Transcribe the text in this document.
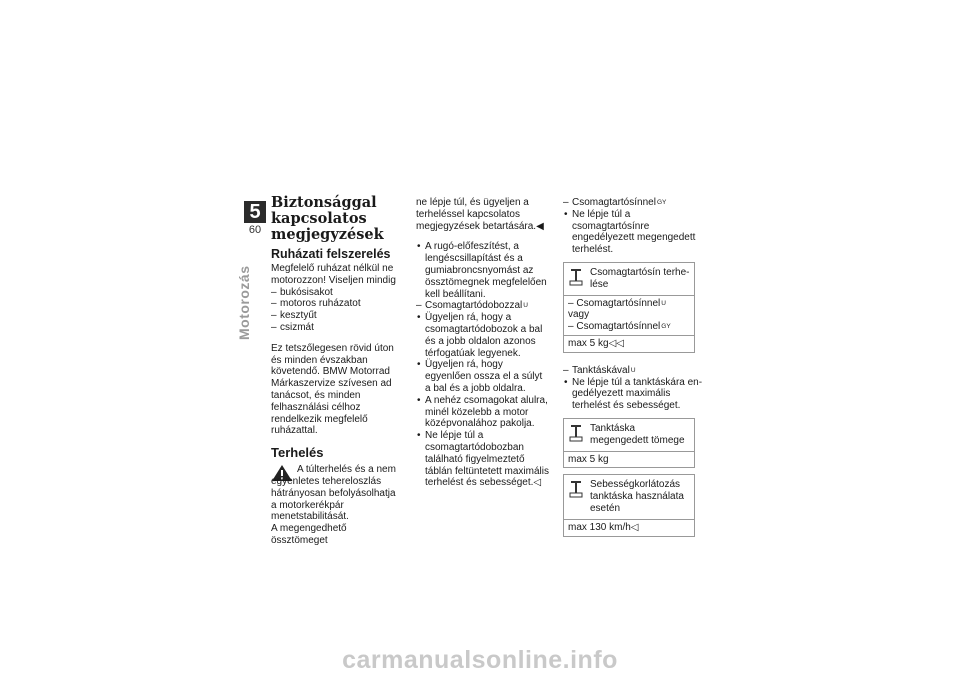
5
60
Motorozás
Biztonsággal kapcsolatos megjegyzések
Ruházati felszerelés

Megfelelő ruházat nélkül ne motorozzon! Viseljen mindig

– bukósisakot
– motoros ruházatot
– kesztyűt
– csizmát

Ez tetszőlegesen rövid úton és minden évszakban követendő. BMW Motorrad Márkaszervize szívesen ad tanácsot, és minden felhasználási célhoz rendelkezik megfelelő ruházattal.

Terhelés

A túlterhelés és a nem egyenletes tehereloszlás hátrányosan befolyásolhatja a motorkerékpár menetstabilitását.

A megengedhető össztömeget

ne lépje túl, és ügyeljen a terheléssel kapcsolatos megjegyzések betartására.◀

• A rugó-előfeszítést, a lengéscsillapítást és a gumiabroncsnyomást az össztömegnek megfelelően kell beállítani.
– Csomagtartódobozzal$^U$
• Ügyeljen rá, hogy a csomagtartódobozok a bal és a jobb oldalon azonos térfogatúak legyenek.
• Ügyeljen rá, hogy egyenlően ossza el a súlyt a bal és a jobb oldalra.
• A nehéz csomagokat alulra, minél közelebb a motor középvonalához pakolja.
• Ne lépje túl a csomagtartódobozban található figyelmeztető táblán feltüntetett maximális terhelést és sebességet.◁
– Csomagtartósínnel$^{GY}$
• Ne lépje túl a csomagtartósínre engedélyezett megengedett terhelést.
Csomagtartósín terhelése
– Csomagtartósínnel$^U$
vagy
– Csomagtartósínnel$^{GY}$
max 5 kg◁◁
– Tanktáskával$^U$
• Ne lépje túl a tanktáskára engedélyezett maximális terhelést és sebességet.
Tanktáska megengedett tömege
max 5 kg
Sebességkorlátozás tanktáska használata esetén
max 130 km/h◁
carmanualsonline.info
